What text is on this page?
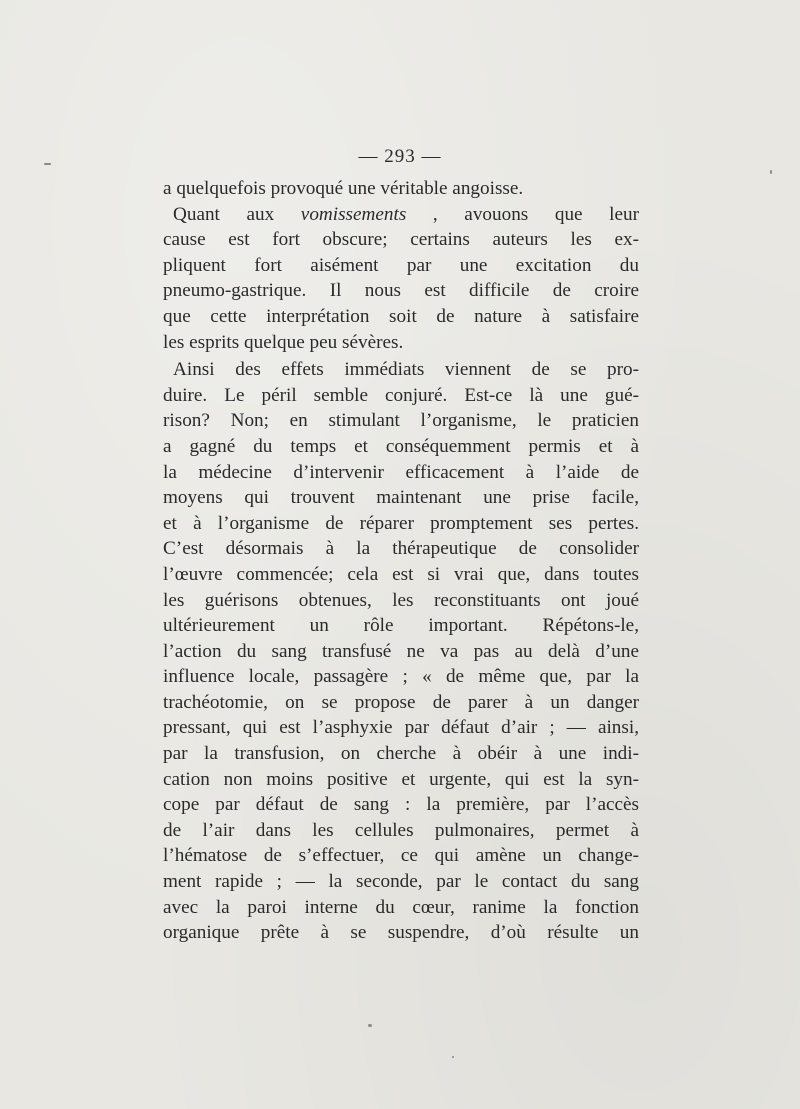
— 293 —
a quelquefois provoqué une véritable angoisse.
Quant aux vomissements , avouons que leur
cause est fort obscure; certains auteurs les ex-
pliquent fort aisément par une excitation du
pneumo-gastrique. Il nous est difficile de croire
que cette interprétation soit de nature à satisfaire
les esprits quelque peu sévères.
Ainsi des effets immédiats viennent de se pro-
duire. Le péril semble conjuré. Est-ce là une gué-
rison? Non; en stimulant l’organisme, le praticien
a gagné du temps et conséquemment permis et à
la médecine d’intervenir efficacement à l’aide de
moyens qui trouvent maintenant une prise facile,
et à l’organisme de réparer promptement ses pertes.
C’est désormais à la thérapeutique de consolider
l’œuvre commencée; cela est si vrai que, dans toutes
les guérisons obtenues, les reconstituants ont joué
ultérieurement un rôle important. Répétons-le,
l’action du sang transfusé ne va pas au delà d’une
influence locale, passagère ; « de même que, par la
trachéotomie, on se propose de parer à un danger
pressant, qui est l’asphyxie par défaut d’air ; — ainsi,
par la transfusion, on cherche à obéir à une indi-
cation non moins positive et urgente, qui est la syn-
cope par défaut de sang : la première, par l’accès
de l’air dans les cellules pulmonaires, permet à
l’hématose de s’effectuer, ce qui amène un change-
ment rapide ; — la seconde, par le contact du sang
avec la paroi interne du cœur, ranime la fonction
organique prête à se suspendre, d’où résulte un
